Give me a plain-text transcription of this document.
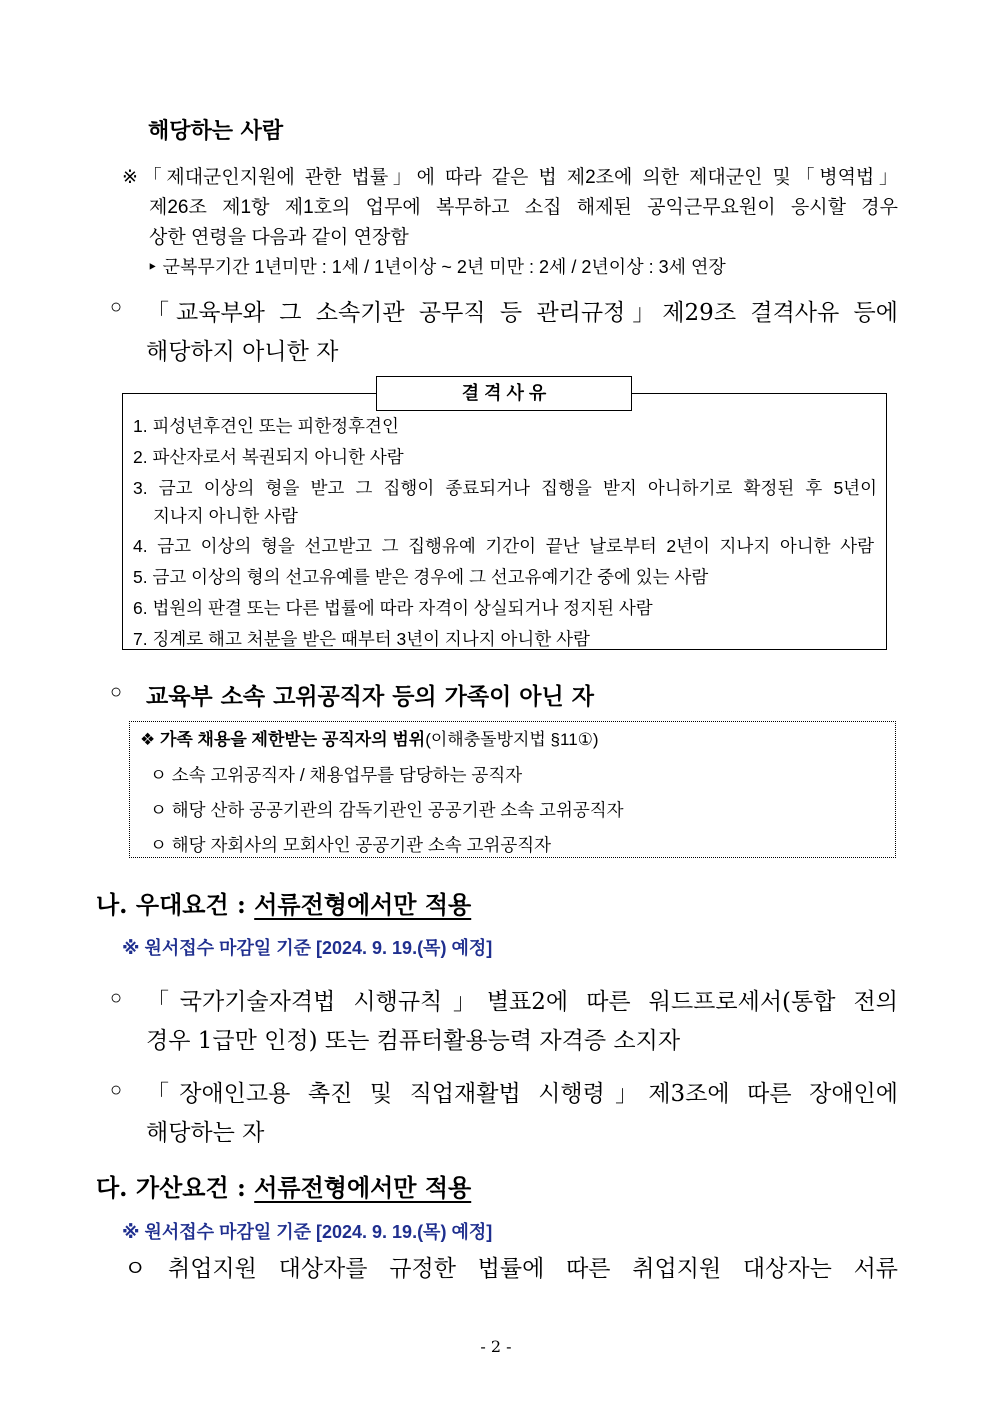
해당하는 사람
※「제대군인지원에 관한 법률」에 따라 같은 법 제2조에 의한 제대군인 및「병역법」
제26조 제1항 제1호의 업무에 복무하고 소집 해제된 공익근무요원이 응시할 경우
상한 연령을 다음과 같이 연장함
‣ 군복무기간 1년미만 : 1세 / 1년이상 ~ 2년 미만 : 2세 / 2년이상 : 3세 연장
○ 「교육부와 그 소속기관 공무직 등 관리규정」제29조 결격사유 등에
해당하지 아니한 자
결 격 사 유
1. 피성년후견인 또는 피한정후견인
2. 파산자로서 복권되지 아니한 사람
3. 금고 이상의 형을 받고 그 집행이 종료되거나 집행을 받지 아니하기로 확정된 후 5년이
지나지 아니한 사람
4. 금고 이상의 형을 선고받고 그 집행유예 기간이 끝난 날로부터 2년이 지나지 아니한 사람
5. 금고 이상의 형의 선고유예를 받은 경우에 그 선고유예기간 중에 있는 사람
6. 법원의 판결 또는 다른 법률에 따라 자격이 상실되거나 정지된 사람
7. 징계로 해고 처분을 받은 때부터 3년이 지나지 아니한 사람
○ 교육부 소속 고위공직자 등의 가족이 아닌 자
❖ 가족 채용을 제한받는 공직자의 범위(이해충돌방지법 §11①)
ㅇ 소속 고위공직자 / 채용업무를 담당하는 공직자
ㅇ 해당 산하 공공기관의 감독기관인 공공기관 소속 고위공직자
ㅇ 해당 자회사의 모회사인 공공기관 소속 고위공직자
나. 우대요건 : 서류전형에서만 적용
※ 원서접수 마감일 기준 [2024. 9. 19.(목) 예정]
○ 「국가기술자격법 시행규칙」별표2에 따른 워드프로세서(통합 전의
경우 1급만 인정) 또는 컴퓨터활용능력 자격증 소지자
○ 「장애인고용 촉진 및 직업재활법 시행령」제3조에 따른 장애인에
해당하는 자
다. 가산요건 : 서류전형에서만 적용
※ 원서접수 마감일 기준 [2024. 9. 19.(목) 예정]
ㅇ 취업지원 대상자를 규정한 법률에 따른 취업지원 대상자는 서류
- 2 -
